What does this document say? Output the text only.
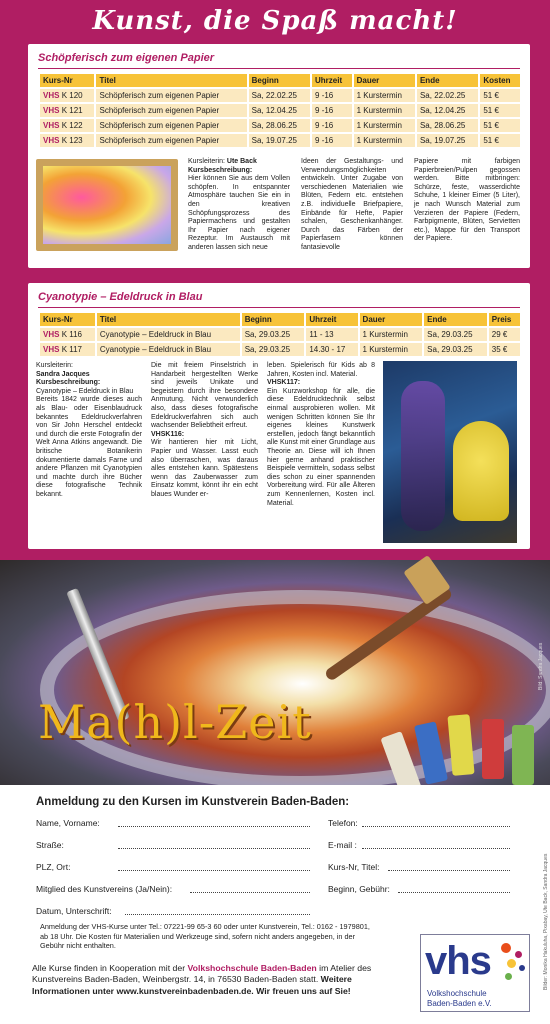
Kunst, die Spaß macht!
Schöpferisch zum eigenen Papier
Kurs-Nr	Titel	Beginn	Uhrzeit	Dauer	Ende	Kosten
VHS K 120	Schöpferisch zum eigenen Papier	Sa, 22.02.25	9 -16	1 Kurstermin	Sa, 22.02.25	51 €
VHS K 121	Schöpferisch zum eigenen Papier	Sa, 12.04.25	9 -16	1 Kurstermin	Sa, 12.04.25	51 €
VHS K 122	Schöpferisch zum eigenen Papier	Sa, 28.06.25	9 -16	1 Kurstermin	Sa, 28.06.25	51 €
VHS K 123	Schöpferisch zum eigenen Papier	Sa, 19.07.25	9 -16	1 Kurstermin	Sa, 19.07.25	51 €
Kursleiterin: Ute Back
Kursbeschreibung:
Hier können Sie aus dem Vollen schöpfen. In entspannter Atmosphäre tauchen Sie ein in den kreativen Schöpfungsprozess des Papiermachens und gestalten Ihr Papier nach eigener Rezeptur. Im Austausch mit anderen lassen sich neue
Ideen der Gestaltungs- und Verwendungsmöglichkeiten entwickeln. Unter Zugabe von verschiedenen Materialien wie Blüten, Federn etc. entstehen z.B. individuelle Briefpapiere, Einbände für Hefte, Papier schalen, Geschenkanhänger. Durch das Färben der Papierfasern können fantasievolle
Papiere mit farbigen Papierbreien/Pulpen gegossen werden. Bitte mitbringen: Schürze, feste, wasserdichte Schuhe, 1 kleiner Eimer (5 Liter), je nach Wunsch Material zum Verzieren der Papiere (Federn, Farbpigmente, Blüten, Servietten etc.), Mappe für den Transport der Papiere.
Cyanotypie – Edeldruck in Blau
Kurs-Nr	Titel	Beginn	Uhrzeit	Dauer	Ende	Preis
VHS K 116	Cyanotypie – Edeldruck in Blau	Sa, 29.03.25	11 - 13	1 Kurstermin	Sa, 29.03.25	29 €
VHS K 117	Cyanotypie – Edeldruck in Blau	Sa, 29.03.25	14.30 - 17	1 Kurstermin	Sa, 29.03.25	35 €
Kursleiterin:
Sandra Jacques
Kursbeschreibung:
Cyanotypie – Edeldruck in Blau
Bereits 1842 wurde dieses auch als Blau- oder Eisenblaudruck bekanntes Edeldruckverfahren von Sir John Herschel entdeckt und durch die erste Fotografin der Welt Anna Atkins angewandt. Die britische Botanikerin dokumentierte damals Farne und andere Pflanzen mit Cyanotypien und machte durch ihre Bücher diese fotografische Technik bekannt.
Die mit freiem Pinselstrich in Handarbeit hergestellten Werke sind jeweils Unikate und begeistern durch ihre besondere Anmutung. Nicht verwunderlich also, dass dieses fotografische Edeldruckverfahren sich auch wachsender Beliebtheit erfreut.
VHSK116:
Wir hantieren hier mit Licht, Papier und Wasser. Lasst euch also überraschen, was daraus alles entstehen kann. Spätestens wenn das Zauberwasser zum Einsatz kommt, könnt ihr ein echt blaues Wunder er-
leben. Spielerisch für Kids ab 8 Jahren, Kosten incl. Material.
VHSK117:
Ein Kurzworkshop für alle, die diese Edeldrucktechnik selbst einmal ausprobieren wollen. Mit wenigen Schritten können Sie Ihr eigenes kleines Kunstwerk erstellen, jedoch fängt bekanntlich alle Kunst mit einer Grundlage aus Theorie an. Diese will ich Ihnen hier gerne anhand praktischer Beispiele vermitteln, sodass selbst dies schon zu einer spannenden Vorbereitung wird. Für alle Älteren zum Kennenlernen, Kosten incl. Material.
Ma(h)l-Zeit
Bild: Sandra Jacques
Anmeldung zu den Kursen im Kunstverein Baden-Baden:
Name, Vorname:
Straße:
PLZ, Ort:
Mitglied des Kunstvereins (Ja/Nein):
Datum, Unterschrift:
Telefon:
E-mail :
Kurs-Nr, Titel:
Beginn, Gebühr:
Anmeldung der VHS-Kurse unter Tel.: 07221-99 65-3 60 oder unter Kunstverein, Tel.: 0162 - 1979801, ab 18 Uhr. Die Kosten für Materialien und Werkzeuge sind, sofern nicht anders angegeben, in der Gebühr nicht enthalten.
Alle Kurse finden in Kooperation mit der Volkshochschule Baden-Baden im Atelier des Kunstvereins Baden-Baden, Weinbergstr. 14, in 76530 Baden-Baden statt. Weitere Informationen unter www.kunstvereinbadenbaden.de. Wir freuen uns auf Sie!
vhs
Volkshochschule
Baden-Baden e.V.
Bilder: Monika Hakuluha, Pixabay, Ute Back, Sandra Jacques
